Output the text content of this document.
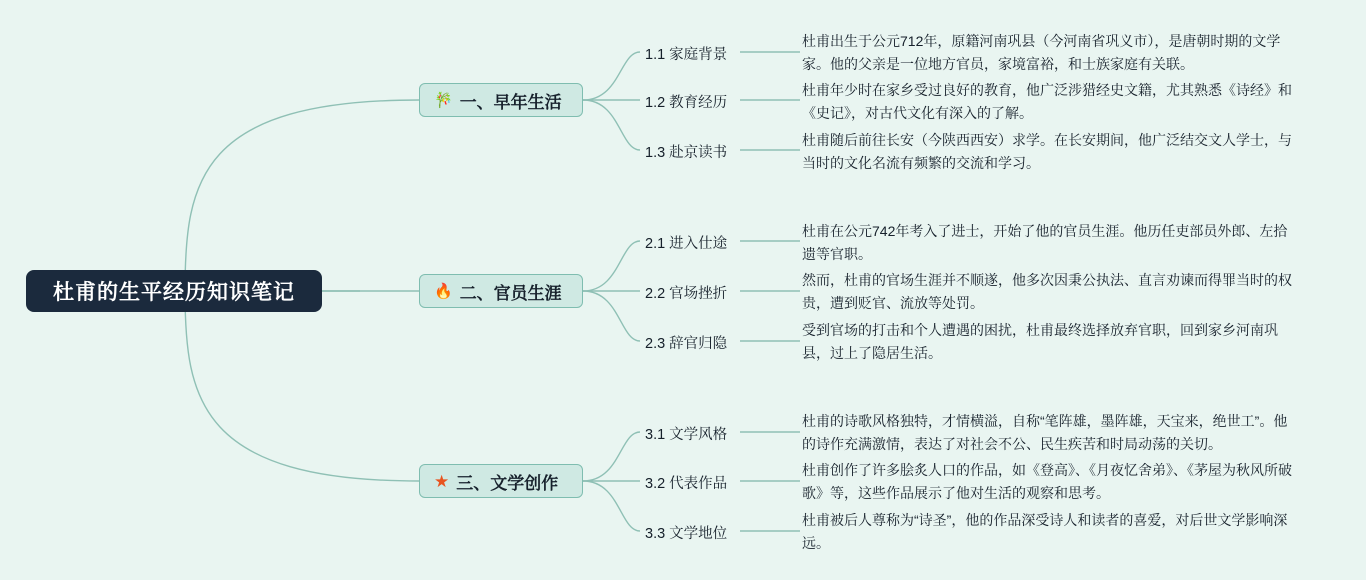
杜甫的生平经历知识笔记
🎋 一、早年生活
1.1 家庭背景
1.2 教育经历
1.3 赴京读书
杜甫出生于公元712年，原籍河南巩县（今河南省巩义市），是唐朝时期的文学家。他的父亲是一位地方官员，家境富裕，和士族家庭有关联。
杜甫年少时在家乡受过良好的教育，他广泛涉猎经史文籍，尤其熟悉《诗经》和《史记》，对古代文化有深入的了解。
杜甫随后前往长安（今陕西西安）求学。在长安期间，他广泛结交文人学士，与当时的文化名流有频繁的交流和学习。
🔥 二、官员生涯
2.1 进入仕途
2.2 官场挫折
2.3 辞官归隐
杜甫在公元742年考入了进士，开始了他的官员生涯。他历任吏部员外郎、左拾遗等官职。
然而，杜甫的官场生涯并不顺遂，他多次因秉公执法、直言劝谏而得罪当时的权贵，遭到贬官、流放等处罚。
受到官场的打击和个人遭遇的困扰，杜甫最终选择放弃官职，回到家乡河南巩县，过上了隐居生活。
★ 三、文学创作
3.1 文学风格
3.2 代表作品
3.3 文学地位
杜甫的诗歌风格独特，才情横溢，自称“笔阵雄，墨阵雄，天宝来，绝世工”。他的诗作充满激情，表达了对社会不公、民生疾苦和时局动荡的关切。
杜甫创作了许多脍炙人口的作品，如《登高》、《月夜忆舍弟》、《茅屋为秋风所破歌》等，这些作品展示了他对生活的观察和思考。
杜甫被后人尊称为“诗圣”，他的作品深受诗人和读者的喜爱，对后世文学影响深远。
